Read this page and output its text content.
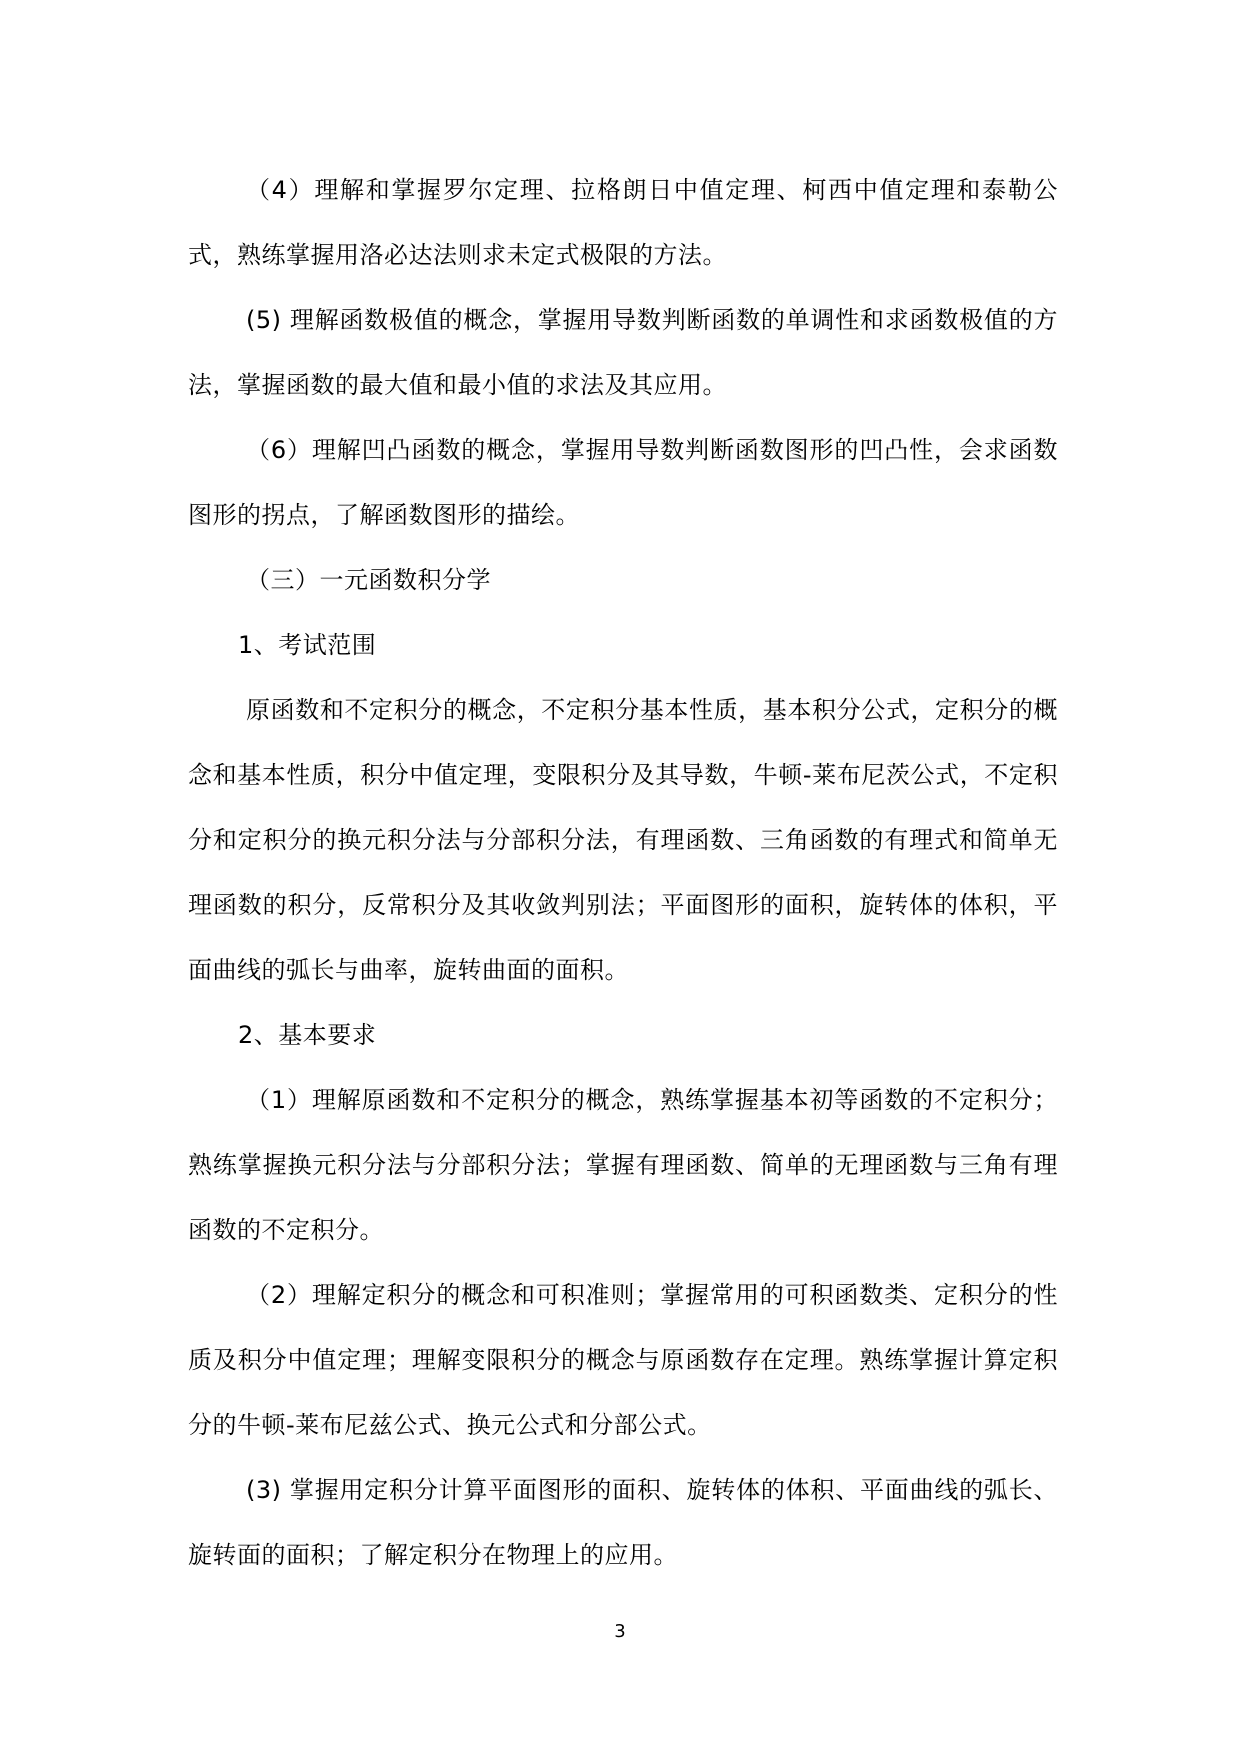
（4）理解和掌握罗尔定理、拉格朗日中值定理、柯西中值定理和泰勒公式，熟练掌握用洛必达法则求未定式极限的方法。

(5) 理解函数极值的概念，掌握用导数判断函数的单调性和求函数极值的方法，掌握函数的最大值和最小值的求法及其应用。

（6）理解凹凸函数的概念，掌握用导数判断函数图形的凹凸性，会求函数图形的拐点，了解函数图形的描绘。

（三）一元函数积分学

1、考试范围

原函数和不定积分的概念，不定积分基本性质，基本积分公式，定积分的概念和基本性质，积分中值定理，变限积分及其导数，牛顿-莱布尼茨公式，不定积分和定积分的换元积分法与分部积分法，有理函数、三角函数的有理式和简单无理函数的积分，反常积分及其收敛判别法；平面图形的面积，旋转体的体积，平面曲线的弧长与曲率，旋转曲面的面积。

2、基本要求

（1）理解原函数和不定积分的概念，熟练掌握基本初等函数的不定积分；熟练掌握换元积分法与分部积分法；掌握有理函数、简单的无理函数与三角有理函数的不定积分。

（2）理解定积分的概念和可积准则；掌握常用的可积函数类、定积分的性质及积分中值定理；理解变限积分的概念与原函数存在定理。熟练掌握计算定积分的牛顿-莱布尼兹公式、换元公式和分部公式。

(3) 掌握用定积分计算平面图形的面积、旋转体的体积、平面曲线的弧长、旋转面的面积；了解定积分在物理上的应用。

3
